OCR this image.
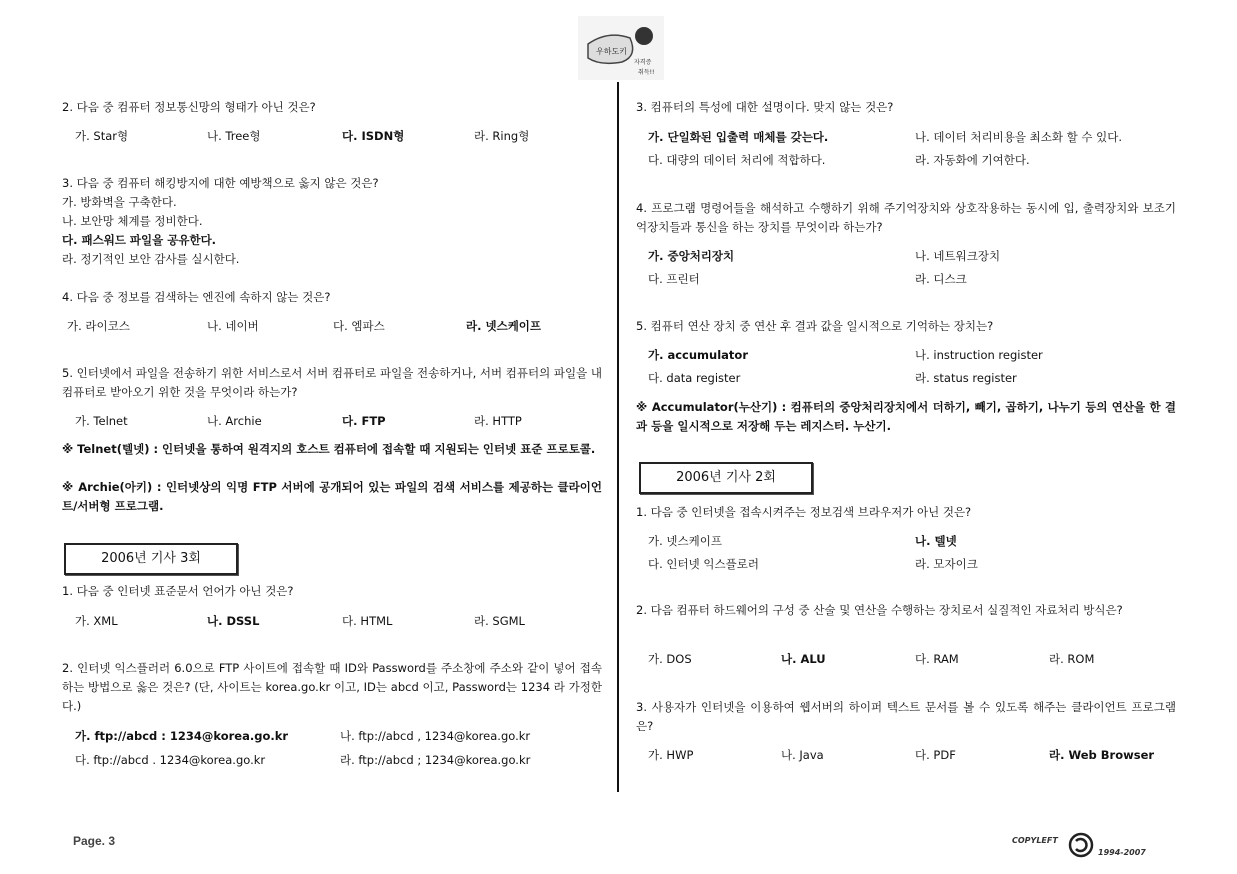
우하도키
자격증
취득!!
2. 다음 중 컴퓨터 정보통신망의 형태가 아닌 것은?
가. Star형	나. Tree형	다. ISDN형	라. Ring형
3. 다음 중 컴퓨터 해킹방지에 대한 예방책으로 옳지 않은 것은?
가. 방화벽을 구축한다.
나. 보안망 체계를 정비한다.
다. 패스워드 파일을 공유한다.
라. 정기적인 보안 감사를 실시한다.
4. 다음 중 정보를 검색하는 엔진에 속하지 않는 것은?
가. 라이코스	나. 네이버	다. 엠파스	라. 넷스케이프
5. 인터넷에서 파일을 전송하기 위한 서비스로서 서버 컴퓨터로 파일을 전송하거나, 서버 컴퓨터의 파일을 내 컴퓨터로 받아오기 위한 것을 무엇이라 하는가?
가. Telnet	나. Archie	다. FTP	라. HTTP
※ Telnet(텔넷) : 인터넷을 통하여 원격지의 호스트 컴퓨터에 접속할 때 지원되는 인터넷 표준 프로토콜.
※ Archie(아키) : 인터넷상의 익명 FTP 서버에 공개되어 있는 파일의 검색 서비스를 제공하는 클라이언트/서버형 프로그램.
2006년 기사 3회
1. 다음 중 인터넷 표준문서 언어가 아닌 것은?
가. XML	나. DSSL	다. HTML	라. SGML
2. 인터넷 익스플러러 6.0으로 FTP 사이트에 접속할 때 ID와 Password를 주소창에 주소와 같이 넣어 접속하는 방법으로 옳은 것은? (단, 사이트는 korea.go.kr 이고, ID는 abcd 이고, Password는 1234 라 가정한다.)
가. ftp://abcd : 1234@korea.go.kr	나. ftp://abcd , 1234@korea.go.kr
다. ftp://abcd . 1234@korea.go.kr	라. ftp://abcd ; 1234@korea.go.kr
3. 컴퓨터의 특성에 대한 설명이다. 맞지 않는 것은?
가. 단일화된 입출력 매체를 갖는다.	나. 데이터 처리비용을 최소화 할 수 있다.
다. 대량의 데이터 처리에 적합하다.	라. 자동화에 기여한다.
4. 프로그램 명령어들을 해석하고 수행하기 위해 주기억장치와 상호작용하는 동시에 입, 출력장치와 보조기억장치들과 통신을 하는 장치를 무엇이라 하는가?
가. 중앙처리장치	나. 네트워크장치
다. 프린터	라. 디스크
5. 컴퓨터 연산 장치 중 연산 후 결과 값을 일시적으로 기억하는 장치는?
가. accumulator	나. instruction register
다. data register	라. status register
※ Accumulator(누산기) : 컴퓨터의 중앙처리장치에서 더하기, 빼기, 곱하기, 나누기 등의 연산을 한 결과 등을 일시적으로 저장해 두는 레지스터. 누산기.
2006년 기사 2회
1. 다음 중 인터넷을 접속시켜주는 정보검색 브라우저가 아닌 것은?
가. 넷스케이프	나. 텔넷
다. 인터넷 익스플로러	라. 모자이크
2. 다음 컴퓨터 하드웨어의 구성 중 산술 및 연산을 수행하는 장치로서 실질적인 자료처리 방식은?
가. DOS	나. ALU	다. RAM	라. ROM
3. 사용자가 인터넷을 이용하여 웹서버의 하이퍼 텍스트 문서를 볼 수 있도록 해주는 클라이언트 프로그램은?
가. HWP	나. Java	다. PDF	라. Web Browser
Page. 3	COPYLEFT
1994-2007
